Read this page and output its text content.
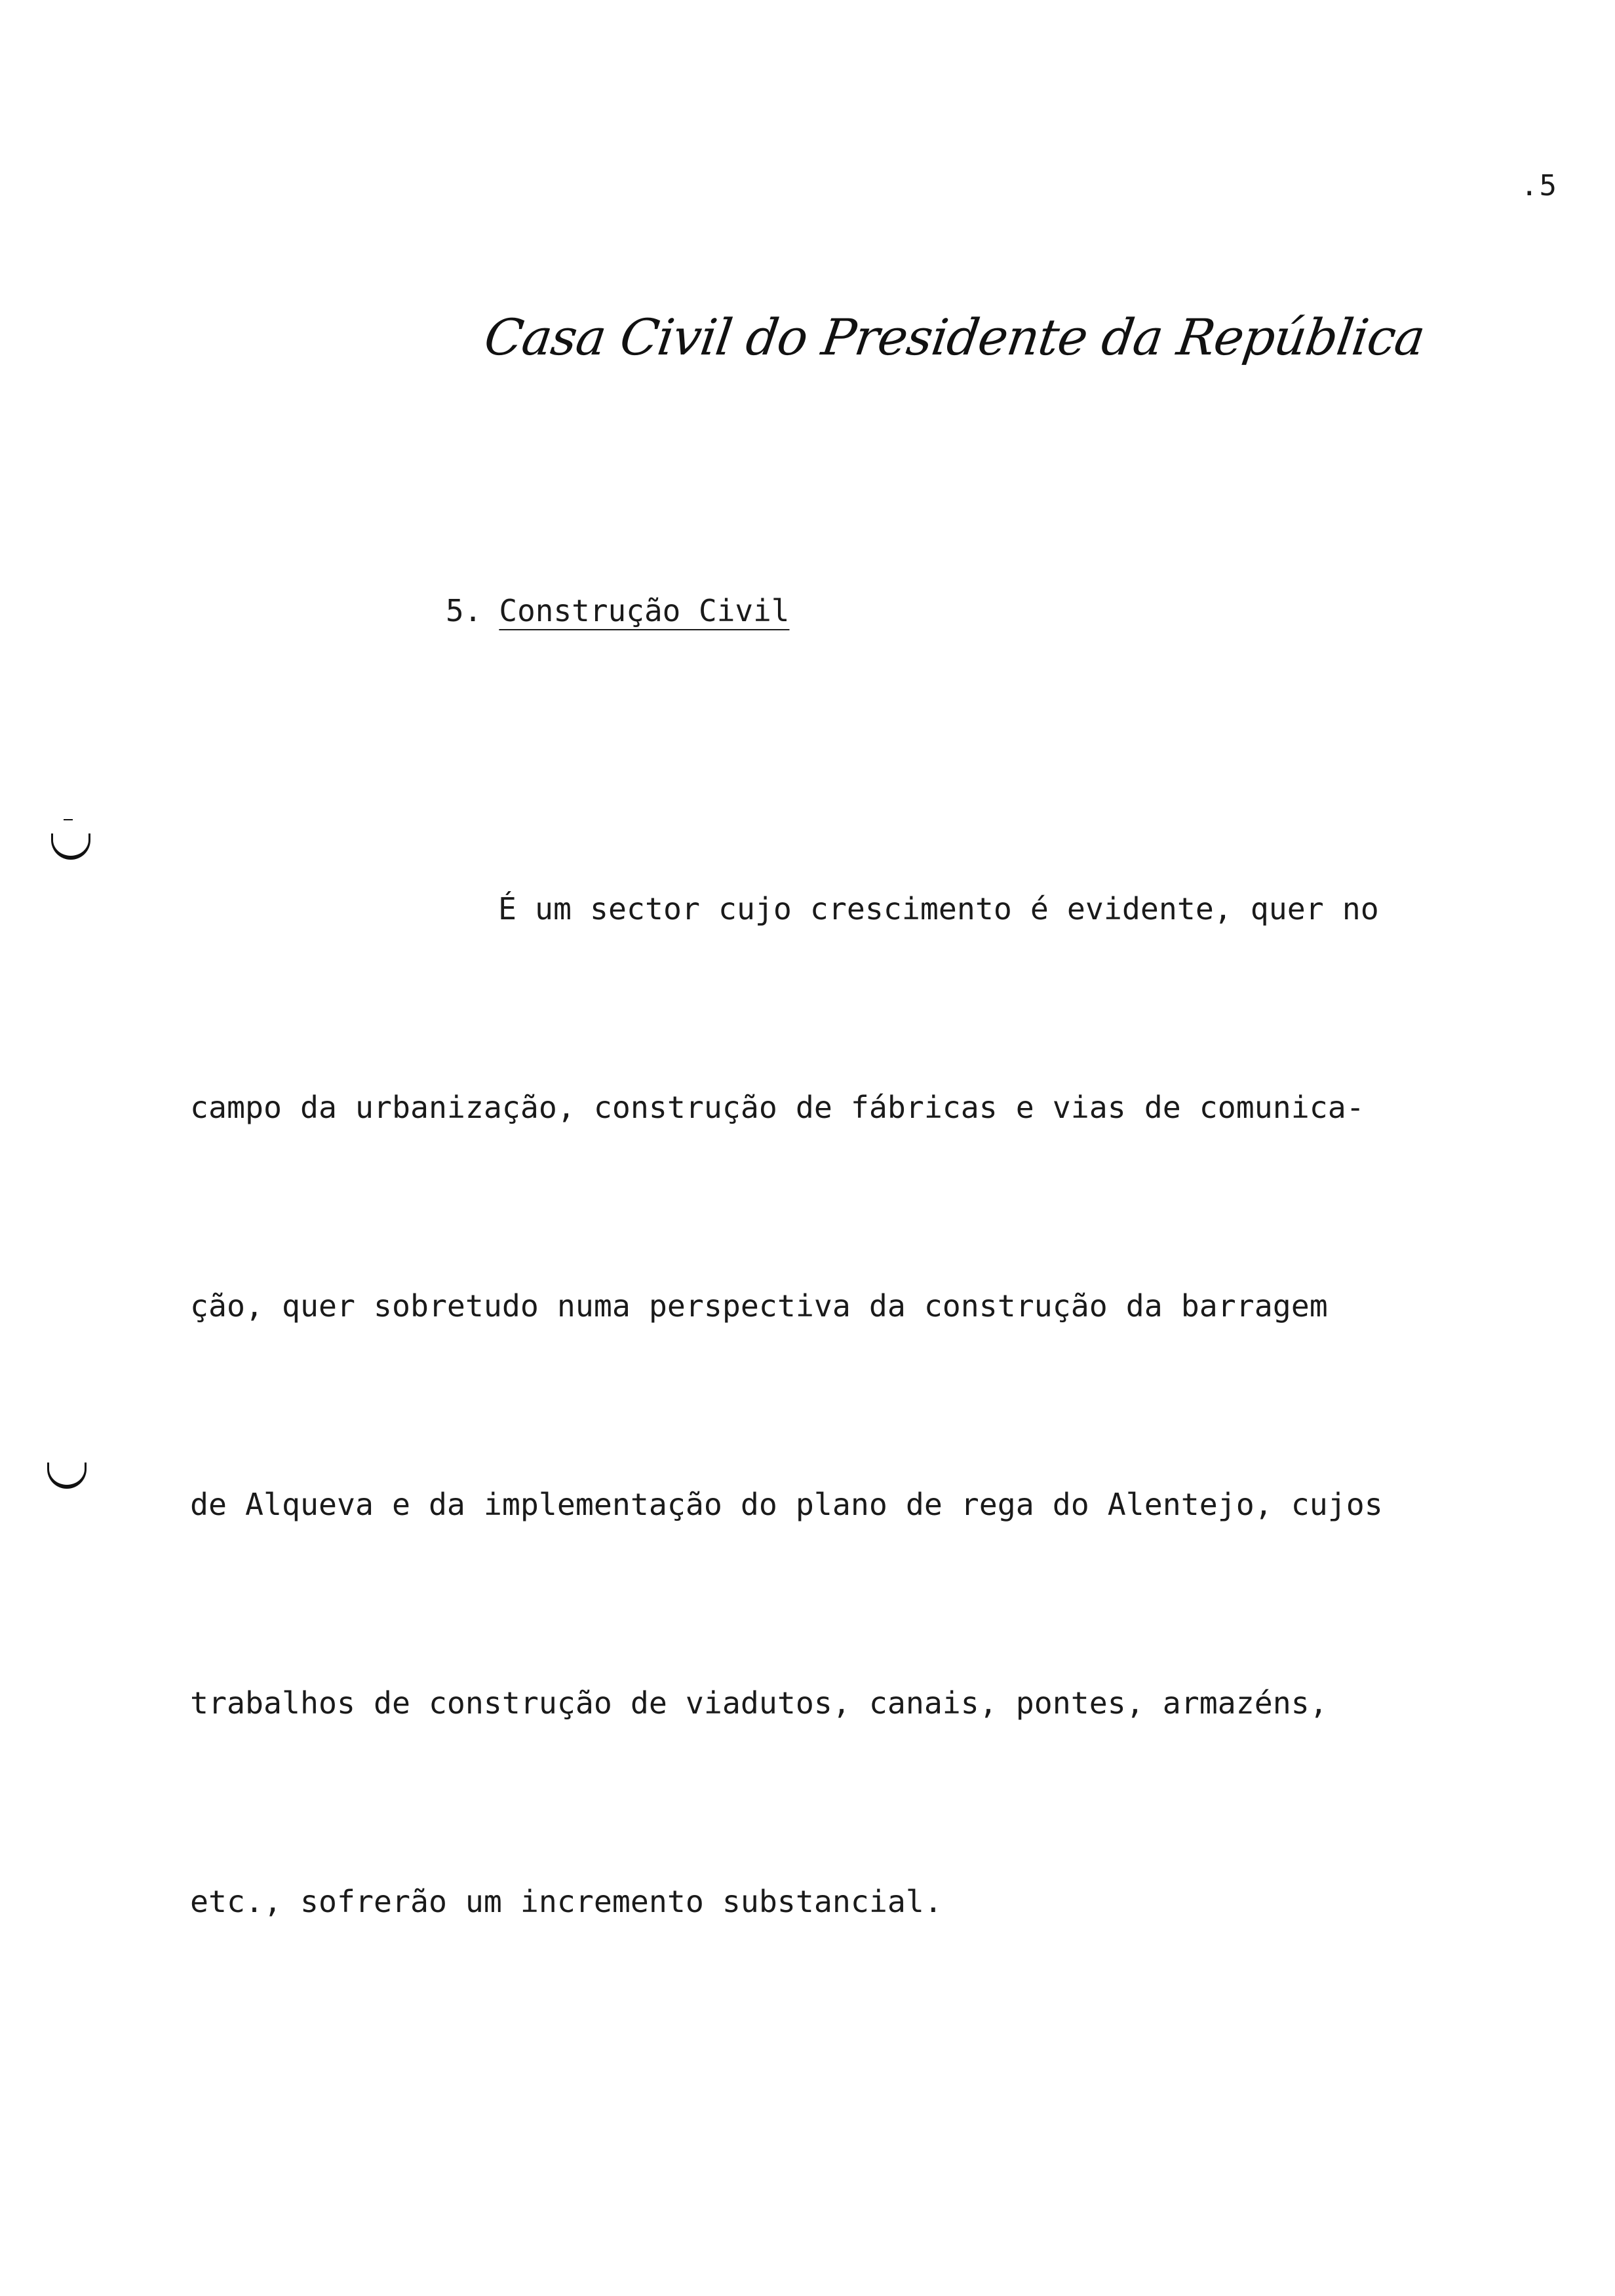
.5
Casa Civil do Presidente da República
5. Construção Civil

É um sector cujo crescimento é evidente, quer no

campo da urbanização, construção de fábricas e vias de comunica-

ção, quer sobretudo numa perspectiva da construção da barragem

de Alqueva e da implementação do plano de rega do Alentejo, cujos

trabalhos de construção de viadutos, canais, pontes, armazéns,

etc., sofrerão um incremento substancial.
